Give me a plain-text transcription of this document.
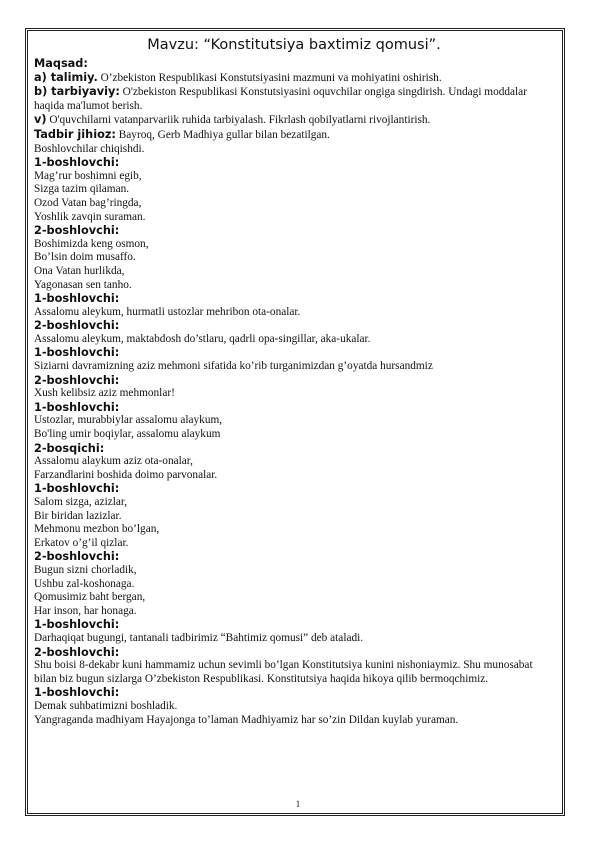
Mavzu: “Konstitutsiya baxtimiz qomusi”.
Maqsad:
a) talimiy. O’zbekiston Respublikasi Konstutsiyasini mazmuni va mohiyatini oshirish.
b) tarbiyaviy: O'zbekiston Respublikasi Konstutsiyasini oquvchilar ongiga singdirish. Undagi moddalar haqida ma'lumot berish.
v) O'quvchilarni vatanparvariik ruhida tarbiyalash. Fikrlash qobilyatlarni rivojlantirish.
Tadbir jihioz: Bayroq, Gerb Madhiya gullar bilan bezatilgan.
Boshlovchilar chiqishdi.
1-boshlovchi:
Mag’rur boshimni egib,
Sizga tazim qilaman.
Ozod Vatan bag’ringda,
Yoshlik zavqin suraman.
2-boshlovchi:
Boshimizda keng osmon,
Bo’lsin doim musaffo.
Ona Vatan hurlikda,
Yagonasan sen tanho.
1-boshlovchi:
Assalomu aleykum, hurmatli ustozlar mehribon ota-onalar.
2-boshlovchi:
Assalomu aleykum, maktabdosh do’stlaru, qadrli opa-singillar, aka-ukalar.
1-boshlovchi:
Siziarni davramizning aziz mehmoni sifatida ko’rib turganimizdan g’oyatda hursandmiz
2-boshlovchi:
Xush kelibsiz aziz mehmonlar!
1-boshlovchi:
Ustozlar, murabbiylar assalomu alaykum,
Bo'ling umir boqiylar, assalomu alaykum
2-bosqichi:
Assalomu alaykum aziz ota-onalar,
Farzandlarini boshida doimo parvonalar.
1-boshlovchi:
Salom sizga, azizlar,
Bir biridan lazizlar.
Mehmonu mezbon bo’lgan,
Erkatov o’g’il qizlar.
2-boshlovchi:
Bugun sizni chorladik,
Ushbu zal-koshonaga.
Qomusimiz baht bergan,
Har inson, har honaga.
1-boshlovchi:
Darhaqiqat bugungi, tantanali tadbirimiz “Bahtimiz qomusi” deb ataladi.
2-boshlovchi:
Shu boisi 8-dekabr kuni hammamiz uchun sevimli bo’lgan Konstitutsiya kunini nishoniaymiz. Shu munosabat bilan biz bugun sizlarga O’zbekiston Respublikasi. Konstitutsiya haqida hikoya qilib bermoqchimiz.
1-boshlovchi:
Demak suhbatimizni boshladik.
Yangraganda madhiyam Hayajonga to’laman Madhiyamiz har so’zin Dildan kuylab yuraman.
1
